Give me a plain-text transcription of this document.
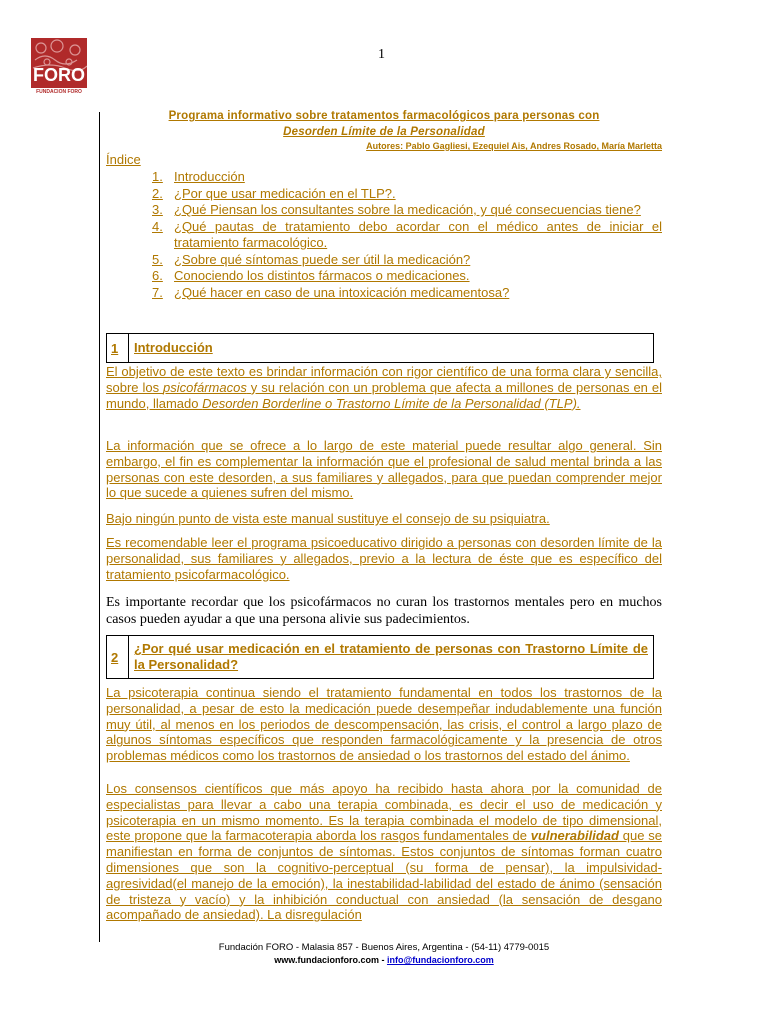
FORO
FUNDACION FORO
1
Programa informativo sobre tratamentos farmacológicos para personas con
Desorden Límite de la Personalidad
Autores: Pablo Gagliesi, Ezequiel Ais, Andres Rosado, María Marletta
Índice
1. Introducción
2. ¿Por que usar medicación en el TLP?.
3. ¿Qué Piensan los consultantes sobre la medicación, y qué consecuencias tiene?
4. ¿Qué pautas de tratamiento debo acordar con el médico antes de iniciar el tratamiento farmacológico.
5. ¿Sobre qué síntomas puede ser útil la medicación?
6. Conociendo los distintos fármacos o medicaciones.
7. ¿Qué hacer en caso de una intoxicación medicamentosa?
1	Introducción

El objetivo de este texto es brindar información con rigor científico de una forma clara y sencilla, sobre los psicofármacos y su relación con un problema que afecta a millones de personas en el mundo, llamado Desorden Borderline o Trastorno Límite de la Personalidad (TLP).

La información que se ofrece a lo largo de este material puede resultar algo general. Sin embargo, el fin es complementar la información que el profesional de salud mental brinda a las personas con este desorden, a sus familiares y allegados, para que puedan comprender mejor lo que sucede a quienes sufren del mismo.

Bajo ningún punto de vista este manual sustituye el consejo de su psiquiatra.

Es recomendable leer el programa psicoeducativo dirigido a personas con desorden límite de la personalidad, sus familiares y allegados, previo a la lectura de éste que es específico del tratamiento psicofarmacológico.

Es importante recordar que los psicofármacos no curan los trastornos mentales pero en muchos casos pueden ayudar a que una persona alivie sus padecimientos.

2
¿Por qué usar medicación en el tratamiento de personas con Trastorno Límite de la Personalidad?

La psicoterapia continua siendo el tratamiento fundamental en todos los trastornos de la personalidad, a pesar de esto la medicación puede desempeñar indudablemente una función muy útil, al menos en los periodos de descompensación, las crisis, el control a largo plazo de algunos síntomas específicos que responden farmacológicamente y la presencia de otros problemas médicos como los trastornos de ansiedad o los trastornos del estado del ánimo.

Los consensos científicos que más apoyo ha recibido hasta ahora por la comunidad de especialistas para llevar a cabo una terapia combinada, es decir el uso de medicación y psicoterapia en un mismo momento. Es la terapia combinada el modelo de tipo dimensional, este propone que la farmacoterapia aborda los rasgos fundamentales de vulnerabilidad que se manifiestan en forma de conjuntos de síntomas. Estos conjuntos de síntomas forman cuatro dimensiones que son la cognitivo-perceptual (su forma de pensar), la impulsividad-agresividad(el manejo de la emoción), la inestabilidad-labilidad del estado de ánimo (sensación de tristeza y vacío) y la inhibición conductual con ansiedad (la sensación de desgano acompañado de ansiedad). La disregulación

Fundación FORO - Malasia 857 - Buenos Aires, Argentina - (54-11) 4779-0015
www.fundacionforo.com - info@fundacionforo.com
